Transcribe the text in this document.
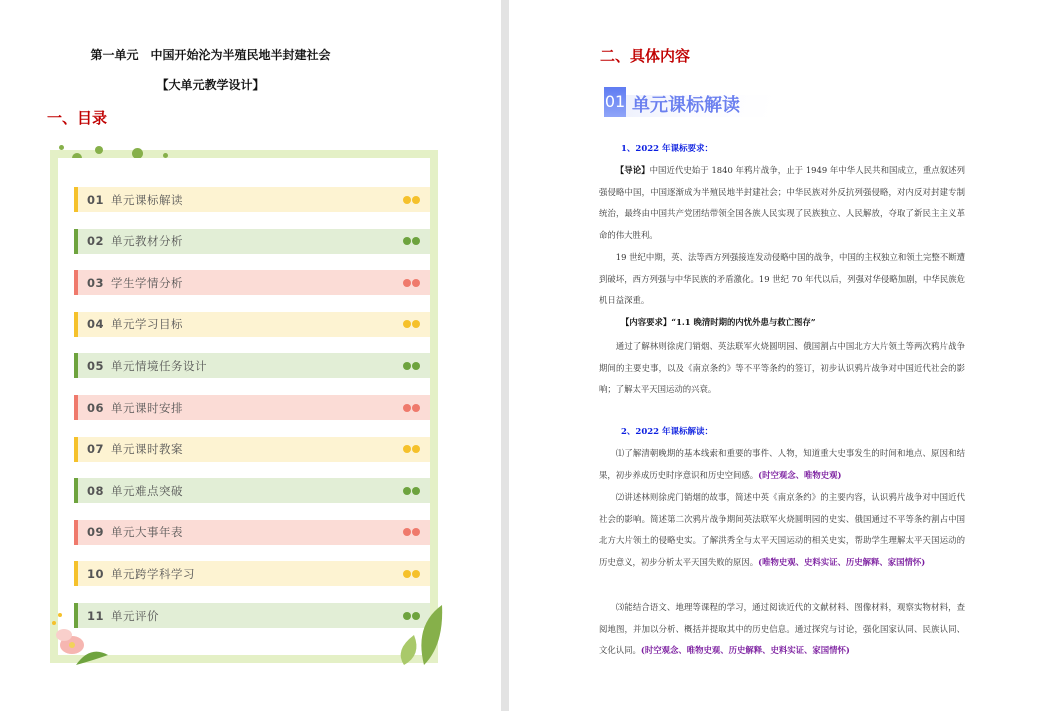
第一单元　中国开始沦为半殖民地半封建社会
【大单元教学设计】
一、目录
01 单元课标解读
02 单元教材分析
03 学生学情分析
04 单元学习目标
05 单元情境任务设计
06 单元课时安排
07 单元课时教案
08 单元难点突破
09 单元大事年表
10 单元跨学科学习
11 单元评价
二、具体内容
01 单元课标解读
1、2022 年课标要求：
【导论】中国近代史始于 1840 年鸦片战争，止于 1949 年中华人民共和国成立，重点叙述列强侵略中国，中国逐渐成为半殖民地半封建社会；中华民族对外反抗列强侵略，对内反对封建专制统治，最终由中国共产党团结带领全国各族人民实现了民族独立、人民解放，夺取了新民主主义革命的伟大胜利。
19 世纪中期，英、法等西方列强接连发动侵略中国的战争，中国的主权独立和领土完整不断遭到破坏，西方列强与中华民族的矛盾激化。19 世纪 70 年代以后，列强对华侵略加剧，中华民族危机日益深重。
【内容要求】“1.1 晚清时期的内忧外患与救亡图存”
通过了解林则徐虎门销烟、英法联军火烧圆明园、俄国割占中国北方大片领土等两次鸦片战争期间的主要史事，以及《南京条约》等不平等条约的签订，初步认识鸦片战争对中国近代社会的影响；了解太平天国运动的兴衰。
2、2022 年课标解读：
⑴了解清朝晚期的基本线索和重要的事件、人物，知道重大史事发生的时间和地点、原因和结果，初步养成历史时序意识和历史空间感。(时空观念、唯物史观)
⑵讲述林则徐虎门销烟的故事，简述中英《南京条约》的主要内容，认识鸦片战争对中国近代社会的影响。简述第二次鸦片战争期间英法联军火烧圆明园的史实、俄国通过不平等条约割占中国北方大片领土的侵略史实。了解洪秀全与太平天国运动的相关史实，帮助学生理解太平天国运动的历史意义，初步分析太平天国失败的原因。(唯物史观、史料实证、历史解释、家国情怀)
⑶能结合语文、地理等课程的学习，通过阅读近代的文献材料、图像材料，观察实物材料，查阅地图，并加以分析、概括并提取其中的历史信息。通过探究与讨论，强化国家认同、民族认同、文化认同。(时空观念、唯物史观、历史解释、史料实证、家国情怀)
